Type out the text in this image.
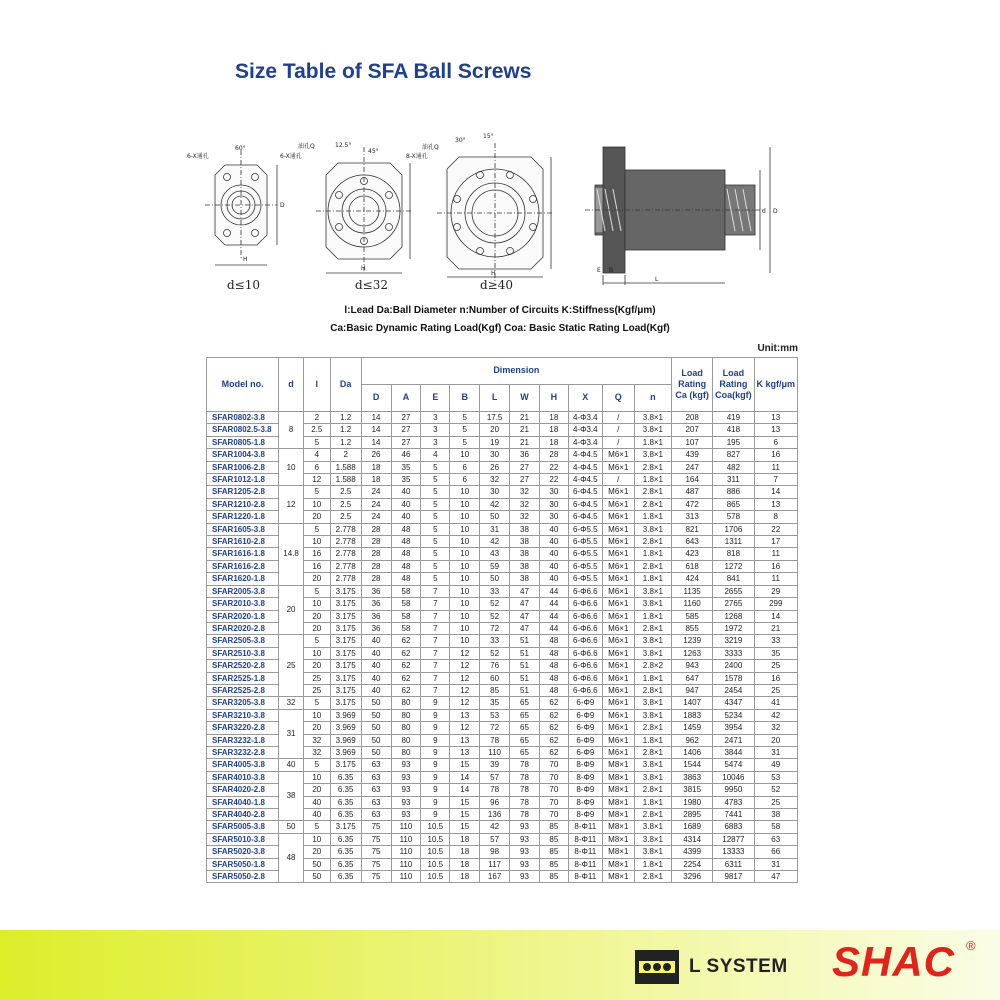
Size Table of SFA Ball Screws
6-X通孔
60°
H
D
油孔Q
6-X通孔
12.5°
45°
H
8-X通孔
油孔Q
30°
15°
H	E B
L
d D
d≤10	d≤32	d≥40
l:Lead Da:Ball Diameter n:Number of Circuits K:Stiffness(Kgf/μm)
Ca:Basic Dynamic Rating Load(Kgf) Coa: Basic Static Rating Load(Kgf)
Unit:mm
Model no.	d	l	Da	Dimension										Load Rating Ca (kgf)	Load Rating Coa(kgf)	K kgf/μm
				D	A	E	B	L	W	H	X	Q	n			
SFAR0802-3.8	8	2	1.2	14	27	3	5	17.5	21	18	4-Φ3.4	/	3.8×1	208	419	13
SFAR0802.5-3.8		2.5	1.2	14	27	3	5	20	21	18	4-Φ3.4	/	3.8×1	207	418	13
SFAR0805-1.8		5	1.2	14	27	3	5	19	21	18	4-Φ3.4	/	1.8×1	107	195	6
SFAR1004-3.8	10	4	2	26	46	4	10	30	36	28	4-Φ4.5	M6×1	3.8×1	439	827	16
SFAR1006-2.8		6	1.588	18	35	5	6	26	27	22	4-Φ4.5	M6×1	2.8×1	247	482	11
SFAR1012-1.8		12	1.588	18	35	5	6	32	27	22	4-Φ4.5	/	1.8×1	164	311	7
SFAR1205-2.8	12	5	2.5	24	40	5	10	30	32	30	6-Φ4.5	M6×1	2.8×1	487	886	14
SFAR1210-2.8		10	2.5	24	40	5	10	42	32	30	6-Φ4.5	M6×1	2.8×1	472	865	13
SFAR1220-1.8		20	2.5	24	40	5	10	50	32	30	6-Φ4.5	M6×1	1.8×1	313	578	8
SFAR1605-3.8	14.8	5	2.778	28	48	5	10	31	38	40	6-Φ5.5	M6×1	3.8×1	821	1706	22
SFAR1610-2.8		10	2.778	28	48	5	10	42	38	40	6-Φ5.5	M6×1	2.8×1	643	1311	17
SFAR1616-1.8		16	2.778	28	48	5	10	43	38	40	6-Φ5.5	M6×1	1.8×1	423	818	11
SFAR1616-2.8		16	2.778	28	48	5	10	59	38	40	6-Φ5.5	M6×1	2.8×1	618	1272	16
SFAR1620-1.8		20	2.778	28	48	5	10	50	38	40	6-Φ5.5	M6×1	1.8×1	424	841	11
SFAR2005-3.8	20	5	3.175	36	58	7	10	33	47	44	6-Φ6.6	M6×1	3.8×1	1135	2655	29
SFAR2010-3.8		10	3.175	36	58	7	10	52	47	44	6-Φ6.6	M6×1	3.8×1	1160	2765	299
SFAR2020-1.8		20	3.175	36	58	7	10	52	47	44	6-Φ6.6	M6×1	1.8×1	585	1268	14
SFAR2020-2.8		20	3.175	36	58	7	10	72	47	44	6-Φ6.6	M6×1	2.8×1	855	1972	21
SFAR2505-3.8	25	5	3.175	40	62	7	10	33	51	48	6-Φ6.6	M6×1	3.8×1	1239	3219	33
SFAR2510-3.8		10	3.175	40	62	7	12	52	51	48	6-Φ6.6	M6×1	3.8×1	1263	3333	35
SFAR2520-2.8		20	3.175	40	62	7	12	76	51	48	6-Φ6.6	M6×1	2.8×2	943	2400	25
SFAR2525-1.8		25	3.175	40	62	7	12	60	51	48	6-Φ6.6	M6×1	1.8×1	647	1578	16
SFAR2525-2.8		25	3.175	40	62	7	12	85	51	48	6-Φ6.6	M6×1	2.8×1	947	2454	25
SFAR3205-3.8	32	5	3.175	50	80	9	12	35	65	62	6-Φ9	M6×1	3.8×1	1407	4347	41
SFAR3210-3.8	31	10	3.969	50	80	9	13	53	65	62	6-Φ9	M6×1	3.8×1	1883	5234	42
SFAR3220-2.8		20	3.969	50	80	9	12	72	65	62	6-Φ9	M6×1	2.8×1	1459	3954	32
SFAR3232-1.8		32	3.969	50	80	9	13	78	65	62	6-Φ9	M6×1	1.8×1	962	2471	20
SFAR3232-2.8		32	3.969	50	80	9	13	110	65	62	6-Φ9	M6×1	2.8×1	1406	3844	31
SFAR4005-3.8	40	5	3.175	63	93	9	15	39	78	70	8-Φ9	M8×1	3.8×1	1544	5474	49
SFAR4010-3.8	38	10	6.35	63	93	9	14	57	78	70	8-Φ9	M8×1	3.8×1	3863	10046	53
SFAR4020-2.8		20	6.35	63	93	9	14	78	78	70	8-Φ9	M8×1	2.8×1	3815	9950	52
SFAR4040-1.8		40	6.35	63	93	9	15	96	78	70	8-Φ9	M8×1	1.8×1	1980	4783	25
SFAR4040-2.8		40	6.35	63	93	9	15	136	78	70	8-Φ9	M8×1	2.8×1	2895	7441	38
SFAR5005-3.8	50	5	3.175	75	110	10.5	15	42	93	85	8-Φ11	M8×1	3.8×1	1689	6883	58
SFAR5010-3.8	48	10	6.35	75	110	10.5	18	57	93	85	8-Φ11	M8×1	3.8×1	4314	12877	63
SFAR5020-3.8		20	6.35	75	110	10.5	18	98	93	85	8-Φ11	M8×1	3.8×1	4399	13333	66
SFAR5050-1.8		50	6.35	75	110	10.5	18	117	93	85	8-Φ11	M8×1	1.8×1	2254	6311	31
SFAR5050-2.8		50	6.35	75	110	10.5	18	167	93	85	8-Φ11	M8×1	2.8×1	3296	9817	47
L SYSTEM SHAC ®
